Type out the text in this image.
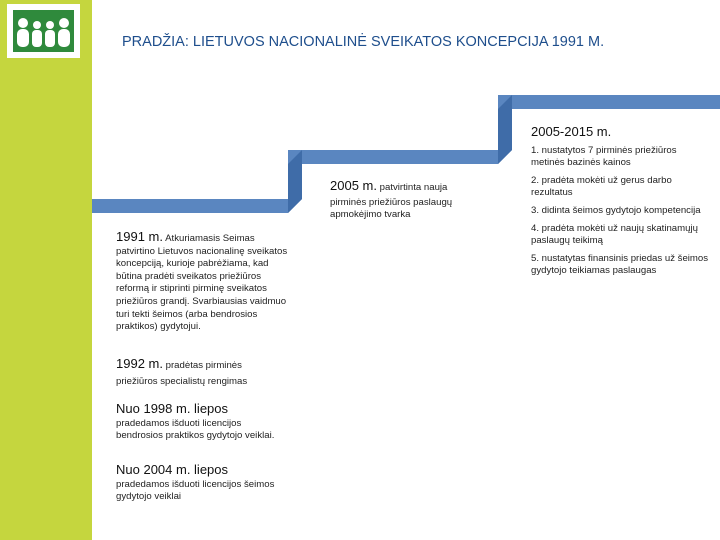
PRADŽIA: LIETUVOS NACIONALINĖ SVEIKATOS KONCEPCIJA 1991 M.
1991 m. Atkuriamasis Seimas
patvirtino Lietuvos nacionalinę sveikatos koncepciją, kurioje pabrėžiama, kad būtina pradėti sveikatos priežiūros reformą ir stiprinti pirminę sveikatos priežiūros grandį. Svarbiausias vaidmuo turi tekti šeimos (arba bendrosios praktikos) gydytojui.
1992 m. pradėtas pirminės
priežiūros specialistų rengimas
Nuo 1998 m. liepos
pradedamos išduoti licencijos bendrosios praktikos gydytojo veiklai.
Nuo 2004 m. liepos
pradedamos išduoti licencijos šeimos gydytojo veiklai
2005 m. patvirtinta nauja
pirminės priežiūros paslaugų apmokėjimo tvarka
2005-2015 m.
1. nustatytos 7 pirminės priežiūros metinės bazinės kainos
2. pradėta mokėti už gerus darbo rezultatus
3. didinta šeimos gydytojo kompetencija
4. pradėta mokėti už naujų skatinamųjų paslaugų teikimą
5. nustatytas finansinis priedas už šeimos gydytojo teikiamas paslaugas
